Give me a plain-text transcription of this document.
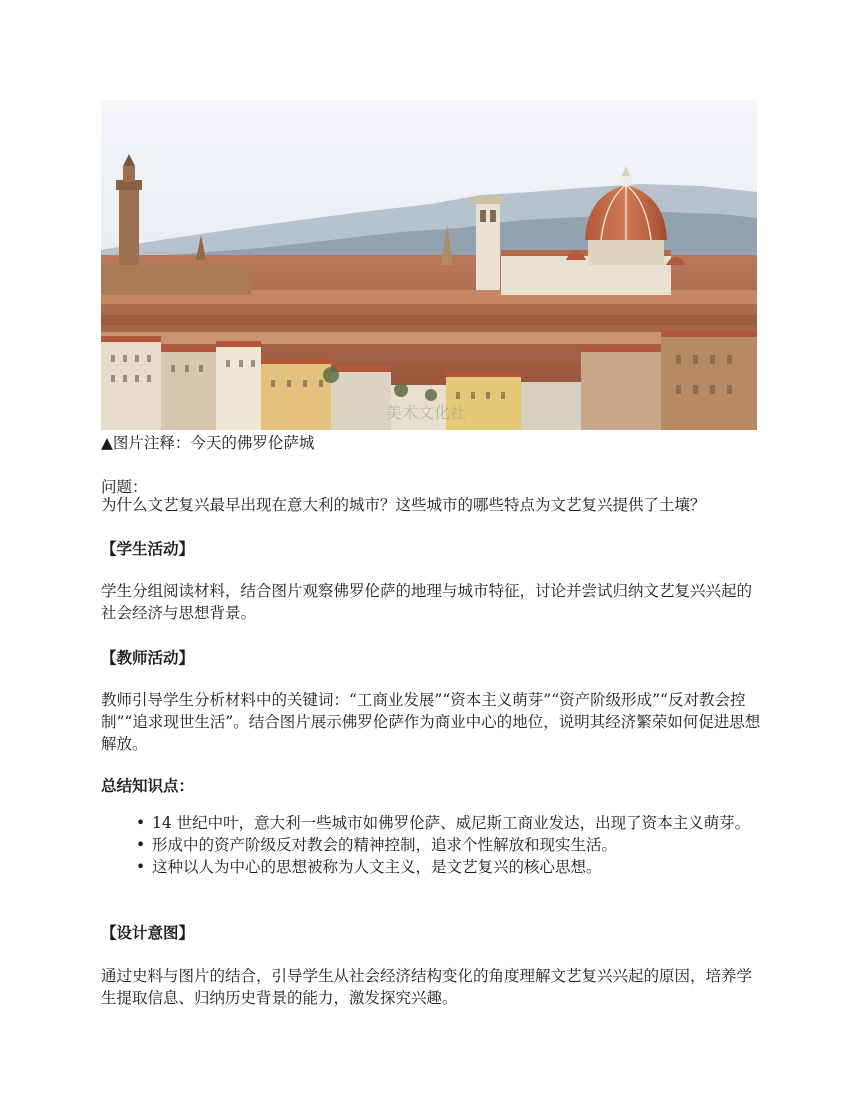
美术文化社
▲图片注释：今天的佛罗伦萨城
问题：
为什么文艺复兴最早出现在意大利的城市？这些城市的哪些特点为文艺复兴提供了土壤？
【学生活动】
学生分组阅读材料，结合图片观察佛罗伦萨的地理与城市特征，讨论并尝试归纳文艺复兴兴起的社会经济与思想背景。
【教师活动】
教师引导学生分析材料中的关键词：“工商业发展”“资本主义萌芽”“资产阶级形成”“反对教会控制”“追求现世生活”。结合图片展示佛罗伦萨作为商业中心的地位，说明其经济繁荣如何促进思想解放。
总结知识点：
• 14 世纪中叶，意大利一些城市如佛罗伦萨、威尼斯工商业发达，出现了资本主义萌芽。
• 形成中的资产阶级反对教会的精神控制，追求个性解放和现实生活。
• 这种以人为中心的思想被称为人文主义，是文艺复兴的核心思想。
【设计意图】
通过史料与图片的结合，引导学生从社会经济结构变化的角度理解文艺复兴兴起的原因，培养学生提取信息、归纳历史背景的能力，激发探究兴趣。
